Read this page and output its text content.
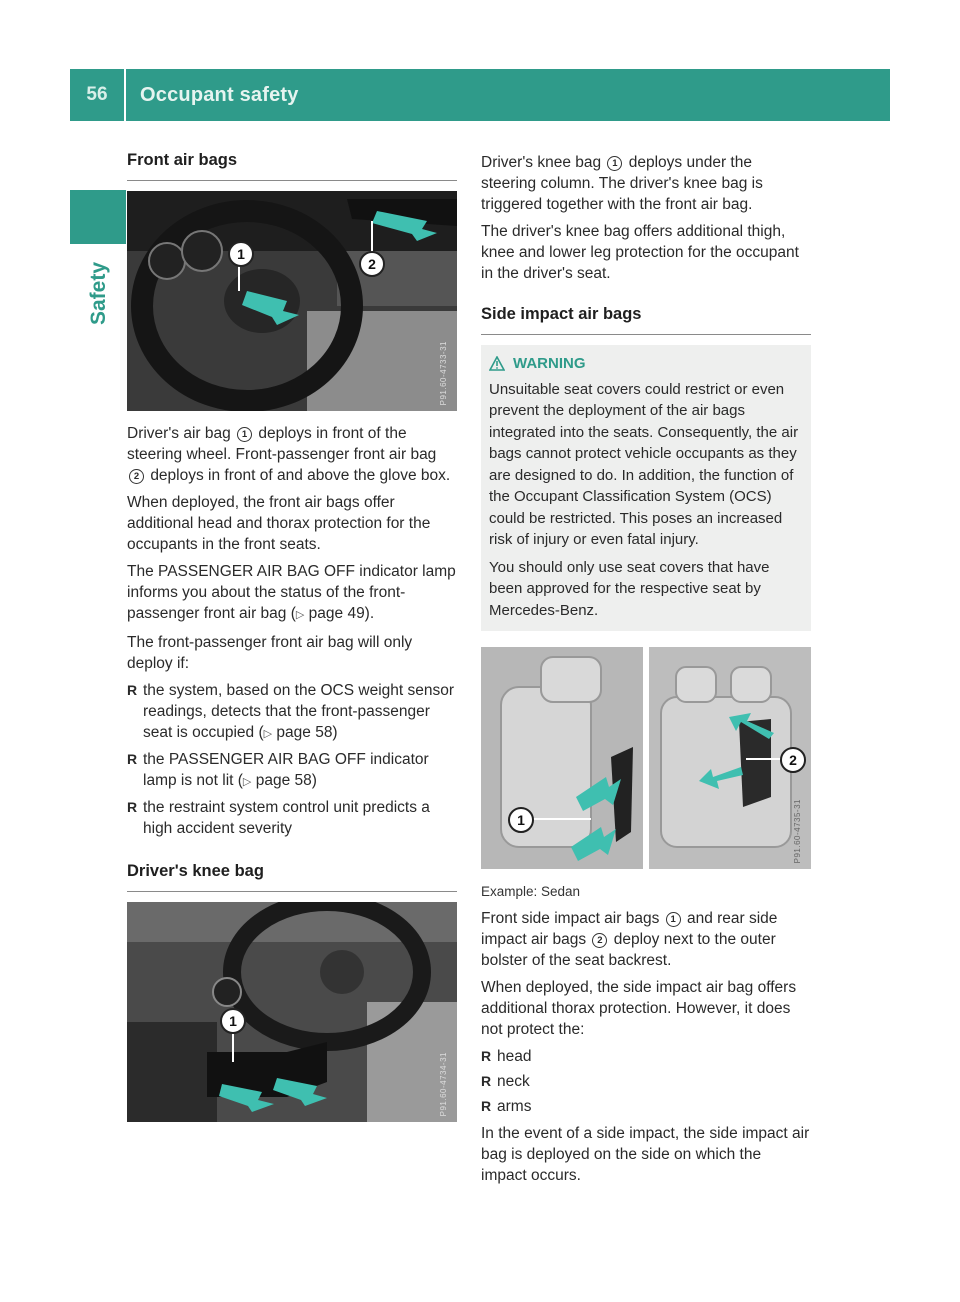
56	Occupant safety
Safety
Front air bags
1
2
P91.60-4733-31

Driver's air bag 1 deploys in front of the steering wheel. Front-passenger front air bag 2 deploys in front of and above the glove box.

When deployed, the front air bags offer additional head and thorax protection for the occupants in the front seats.

The PASSENGER AIR BAG OFF indicator lamp informs you about the status of the front-passenger front air bag (▷ page 49).

The front-passenger front air bag will only deploy if:

R the system, based on the OCS weight sensor readings, detects that the front-passenger seat is occupied (▷ page 58)
R the PASSENGER AIR BAG OFF indicator lamp is not lit (▷ page 58)
R the restraint system control unit predicts a high accident severity
Driver's knee bag
1
P91.60-4734-31

Driver's knee bag 1 deploys under the steering column. The driver's knee bag is triggered together with the front air bag.

The driver's knee bag offers additional thigh, knee and lower leg protection for the occupant in the driver's seat.

Side impact air bags
WARNING

Unsuitable seat covers could restrict or even prevent the deployment of the air bags integrated into the seats. Consequently, the air bags cannot protect vehicle occupants as they are designed to do. In addition, the function of the Occupant Classification System (OCS) could be restricted. This poses an increased risk of injury or even fatal injury.

You should only use seat covers that have been approved for the respective seat by Mercedes-Benz.

1
2
P91.60-4735-31
Example: Sedan

Front side impact air bags 1 and rear side impact air bags 2 deploy next to the outer bolster of the seat backrest.

When deployed, the side impact air bag offers additional thorax protection. However, it does not protect the:

R head
R neck
R arms

In the event of a side impact, the side impact air bag is deployed on the side on which the impact occurs.
